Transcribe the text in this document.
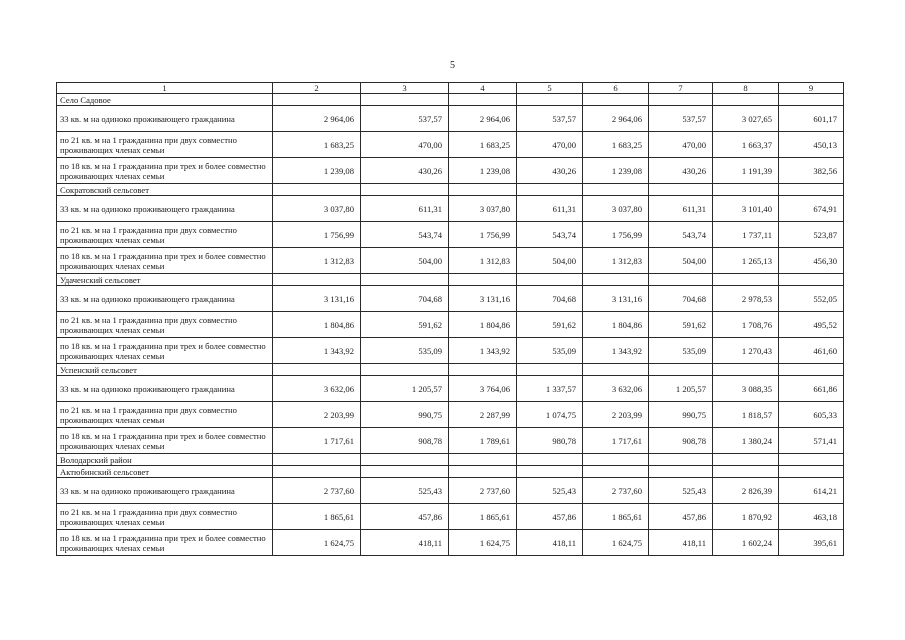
5
1	2	3	4	5	6	7	8	9
Село Садовое								
33 кв. м на одиноко проживающего гражданина	2 964,06	537,57	2 964,06	537,57	2 964,06	537,57	3 027,65	601,17
по 21 кв. м на 1 гражданина при двух совместно проживающих членах семьи	1 683,25	470,00	1 683,25	470,00	1 683,25	470,00	1 663,37	450,13
по 18 кв. м на 1 гражданина при трех и более совместно проживающих членах семьи	1 239,08	430,26	1 239,08	430,26	1 239,08	430,26	1 191,39	382,56
Сократовский сельсовет								
33 кв. м на одиноко проживающего гражданина	3 037,80	611,31	3 037,80	611,31	3 037,80	611,31	3 101,40	674,91
по 21 кв. м на 1 гражданина при двух совместно проживающих членах семьи	1 756,99	543,74	1 756,99	543,74	1 756,99	543,74	1 737,11	523,87
по 18 кв. м на 1 гражданина при трех и более совместно проживающих членах семьи	1 312,83	504,00	1 312,83	504,00	1 312,83	504,00	1 265,13	456,30
Удаченский сельсовет								
33 кв. м на одиноко проживающего гражданина	3 131,16	704,68	3 131,16	704,68	3 131,16	704,68	2 978,53	552,05
по 21 кв. м на 1 гражданина при двух совместно проживающих членах семьи	1 804,86	591,62	1 804,86	591,62	1 804,86	591,62	1 708,76	495,52
по 18 кв. м на 1 гражданина при трех и более совместно проживающих членах семьи	1 343,92	535,09	1 343,92	535,09	1 343,92	535,09	1 270,43	461,60
Успенский сельсовет								
33 кв. м на одиноко проживающего гражданина	3 632,06	1 205,57	3 764,06	1 337,57	3 632,06	1 205,57	3 088,35	661,86
по 21 кв. м на 1 гражданина при двух совместно проживающих членах семьи	2 203,99	990,75	2 287,99	1 074,75	2 203,99	990,75	1 818,57	605,33
по 18 кв. м на 1 гражданина при трех и более совместно проживающих членах семьи	1 717,61	908,78	1 789,61	980,78	1 717,61	908,78	1 380,24	571,41
Володарский район								
Актюбинский сельсовет								
33 кв. м на одиноко проживающего гражданина	2 737,60	525,43	2 737,60	525,43	2 737,60	525,43	2 826,39	614,21
по 21 кв. м на 1 гражданина при двух совместно проживающих членах семьи	1 865,61	457,86	1 865,61	457,86	1 865,61	457,86	1 870,92	463,18
по 18 кв. м на 1 гражданина при трех и более совместно проживающих членах семьи	1 624,75	418,11	1 624,75	418,11	1 624,75	418,11	1 602,24	395,61
